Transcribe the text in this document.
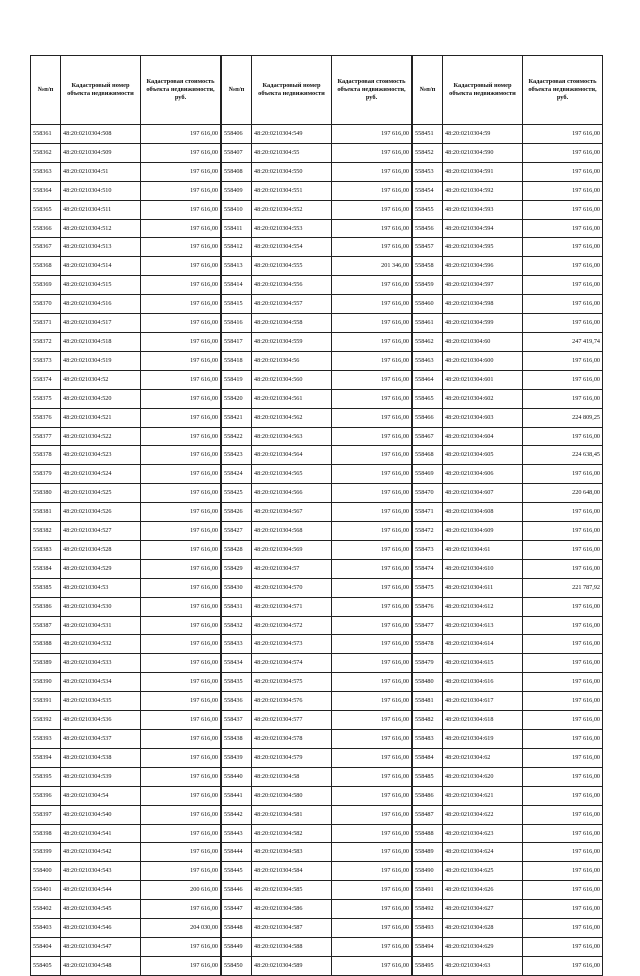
№п/п	Кадастровый номер объекта недвижимости	Кадастровая стоимость объекта недвижимости, руб.
558361	48:20:0210304:508	197 616,00
558362	48:20:0210304:509	197 616,00
558363	48:20:0210304:51	197 616,00
558364	48:20:0210304:510	197 616,00
558365	48:20:0210304:511	197 616,00
558366	48:20:0210304:512	197 616,00
558367	48:20:0210304:513	197 616,00
558368	48:20:0210304:514	197 616,00
558369	48:20:0210304:515	197 616,00
558370	48:20:0210304:516	197 616,00
558371	48:20:0210304:517	197 616,00
558372	48:20:0210304:518	197 616,00
558373	48:20:0210304:519	197 616,00
558374	48:20:0210304:52	197 616,00
558375	48:20:0210304:520	197 616,00
558376	48:20:0210304:521	197 616,00
558377	48:20:0210304:522	197 616,00
558378	48:20:0210304:523	197 616,00
558379	48:20:0210304:524	197 616,00
558380	48:20:0210304:525	197 616,00
558381	48:20:0210304:526	197 616,00
558382	48:20:0210304:527	197 616,00
558383	48:20:0210304:528	197 616,00
558384	48:20:0210304:529	197 616,00
558385	48:20:0210304:53	197 616,00
558386	48:20:0210304:530	197 616,00
558387	48:20:0210304:531	197 616,00
558388	48:20:0210304:532	197 616,00
558389	48:20:0210304:533	197 616,00
558390	48:20:0210304:534	197 616,00
558391	48:20:0210304:535	197 616,00
558392	48:20:0210304:536	197 616,00
558393	48:20:0210304:537	197 616,00
558394	48:20:0210304:538	197 616,00
558395	48:20:0210304:539	197 616,00
558396	48:20:0210304:54	197 616,00
558397	48:20:0210304:540	197 616,00
558398	48:20:0210304:541	197 616,00
558399	48:20:0210304:542	197 616,00
558400	48:20:0210304:543	197 616,00
558401	48:20:0210304:544	200 616,00
558402	48:20:0210304:545	197 616,00
558403	48:20:0210304:546	204 030,00
558404	48:20:0210304:547	197 616,00
558405	48:20:0210304:548	197 616,00
№п/п	Кадастровый номер объекта недвижимости	Кадастровая стоимость объекта недвижимости, руб.
558406	48:20:0210304:549	197 616,00
558407	48:20:0210304:55	197 616,00
558408	48:20:0210304:550	197 616,00
558409	48:20:0210304:551	197 616,00
558410	48:20:0210304:552	197 616,00
558411	48:20:0210304:553	197 616,00
558412	48:20:0210304:554	197 616,00
558413	48:20:0210304:555	201 346,00
558414	48:20:0210304:556	197 616,00
558415	48:20:0210304:557	197 616,00
558416	48:20:0210304:558	197 616,00
558417	48:20:0210304:559	197 616,00
558418	48:20:0210304:56	197 616,00
558419	48:20:0210304:560	197 616,00
558420	48:20:0210304:561	197 616,00
558421	48:20:0210304:562	197 616,00
558422	48:20:0210304:563	197 616,00
558423	48:20:0210304:564	197 616,00
558424	48:20:0210304:565	197 616,00
558425	48:20:0210304:566	197 616,00
558426	48:20:0210304:567	197 616,00
558427	48:20:0210304:568	197 616,00
558428	48:20:0210304:569	197 616,00
558429	48:20:0210304:57	197 616,00
558430	48:20:0210304:570	197 616,00
558431	48:20:0210304:571	197 616,00
558432	48:20:0210304:572	197 616,00
558433	48:20:0210304:573	197 616,00
558434	48:20:0210304:574	197 616,00
558435	48:20:0210304:575	197 616,00
558436	48:20:0210304:576	197 616,00
558437	48:20:0210304:577	197 616,00
558438	48:20:0210304:578	197 616,00
558439	48:20:0210304:579	197 616,00
558440	48:20:0210304:58	197 616,00
558441	48:20:0210304:580	197 616,00
558442	48:20:0210304:581	197 616,00
558443	48:20:0210304:582	197 616,00
558444	48:20:0210304:583	197 616,00
558445	48:20:0210304:584	197 616,00
558446	48:20:0210304:585	197 616,00
558447	48:20:0210304:586	197 616,00
558448	48:20:0210304:587	197 616,00
558449	48:20:0210304:588	197 616,00
558450	48:20:0210304:589	197 616,00
№п/п	Кадастровый номер объекта недвижимости	Кадастровая стоимость объекта недвижимости, руб.
558451	48:20:0210304:59	197 616,00
558452	48:20:0210304:590	197 616,00
558453	48:20:0210304:591	197 616,00
558454	48:20:0210304:592	197 616,00
558455	48:20:0210304:593	197 616,00
558456	48:20:0210304:594	197 616,00
558457	48:20:0210304:595	197 616,00
558458	48:20:0210304:596	197 616,00
558459	48:20:0210304:597	197 616,00
558460	48:20:0210304:598	197 616,00
558461	48:20:0210304:599	197 616,00
558462	48:20:0210304:60	247 419,74
558463	48:20:0210304:600	197 616,00
558464	48:20:0210304:601	197 616,00
558465	48:20:0210304:602	197 616,00
558466	48:20:0210304:603	224 809,25
558467	48:20:0210304:604	197 616,00
558468	48:20:0210304:605	224 638,45
558469	48:20:0210304:606	197 616,00
558470	48:20:0210304:607	220 648,00
558471	48:20:0210304:608	197 616,00
558472	48:20:0210304:609	197 616,00
558473	48:20:0210304:61	197 616,00
558474	48:20:0210304:610	197 616,00
558475	48:20:0210304:611	221 787,92
558476	48:20:0210304:612	197 616,00
558477	48:20:0210304:613	197 616,00
558478	48:20:0210304:614	197 616,00
558479	48:20:0210304:615	197 616,00
558480	48:20:0210304:616	197 616,00
558481	48:20:0210304:617	197 616,00
558482	48:20:0210304:618	197 616,00
558483	48:20:0210304:619	197 616,00
558484	48:20:0210304:62	197 616,00
558485	48:20:0210304:620	197 616,00
558486	48:20:0210304:621	197 616,00
558487	48:20:0210304:622	197 616,00
558488	48:20:0210304:623	197 616,00
558489	48:20:0210304:624	197 616,00
558490	48:20:0210304:625	197 616,00
558491	48:20:0210304:626	197 616,00
558492	48:20:0210304:627	197 616,00
558493	48:20:0210304:628	197 616,00
558494	48:20:0210304:629	197 616,00
558495	48:20:0210304:63	197 616,00
